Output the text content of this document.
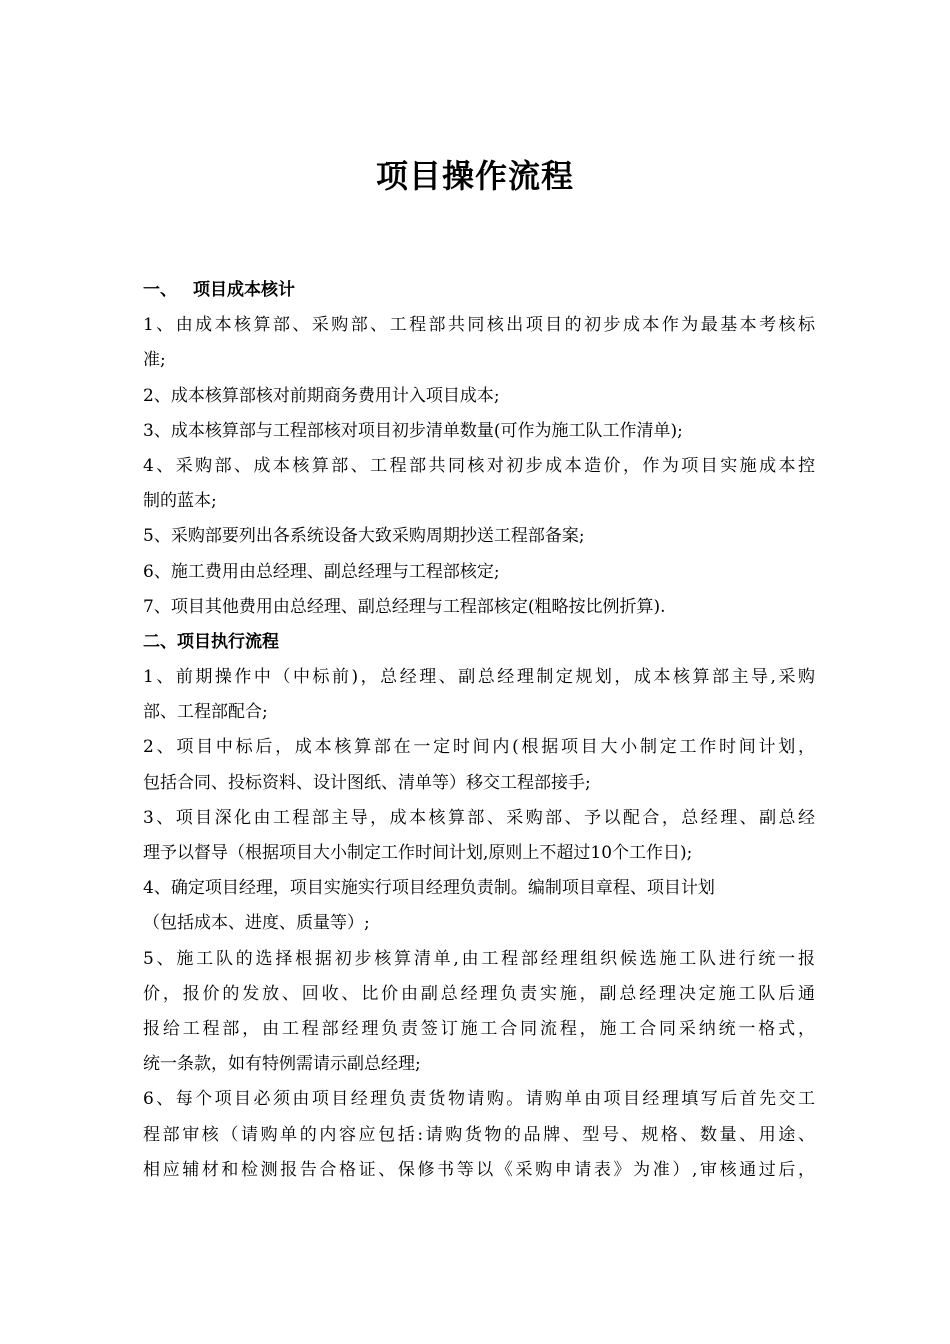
项目操作流程
一、 项目成本核计
1、由成本核算部、采购部、工程部共同核出项目的初步成本作为最基本考核标
准;
2、成本核算部核对前期商务费用计入项目成本;
3、成本核算部与工程部核对项目初步清单数量(可作为施工队工作清单);
4、采购部、成本核算部、工程部共同核对初步成本造价，作为项目实施成本控
制的蓝本;
5、采购部要列出各系统设备大致采购周期抄送工程部备案;
6、施工费用由总经理、副总经理与工程部核定;
7、项目其他费用由总经理、副总经理与工程部核定(粗略按比例折算).
二、项目执行流程
1、前期操作中（中标前)，总经理、副总经理制定规划，成本核算部主导,采购
部、工程部配合;
2、项目中标后，成本核算部在一定时间内(根据项目大小制定工作时间计划，
包括合同、投标资料、设计图纸、清单等）移交工程部接手;
3、项目深化由工程部主导，成本核算部、采购部、予以配合，总经理、副总经
理予以督导（根据项目大小制定工作时间计划,原则上不超过10个工作日);
4、确定项目经理，项目实施实行项目经理负责制。编制项目章程、项目计划
（包括成本、进度、质量等）;
5、施工队的选择根据初步核算清单,由工程部经理组织候选施工队进行统一报
价，报价的发放、回收、比价由副总经理负责实施，副总经理决定施工队后通
报给工程部，由工程部经理负责签订施工合同流程，施工合同采纳统一格式，
统一条款，如有特例需请示副总经理;
6、每个项目必须由项目经理负责货物请购。请购单由项目经理填写后首先交工
程部审核（请购单的内容应包括:请购货物的品牌、型号、规格、数量、用途、
相应辅材和检测报告合格证、保修书等以《采购申请表》为准）,审核通过后，
